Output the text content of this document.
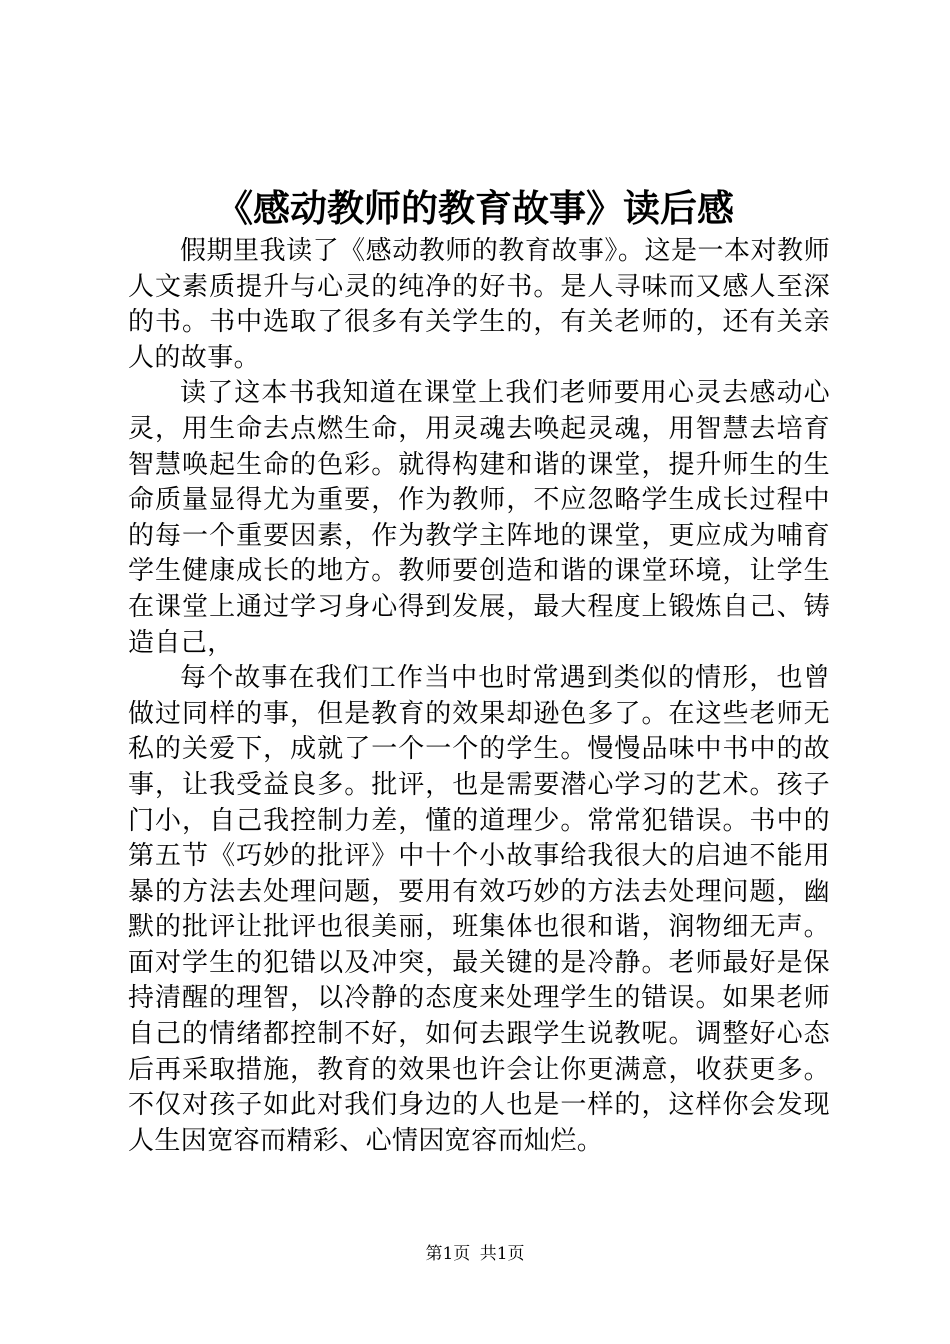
《感动教师的教育故事》读后感

假期里我读了《感动教师的教育故事》。这是一本对教师人文素质提升与心灵的纯净的好书。是人寻味而又感人至深的书。书中选取了很多有关学生的，有关老师的，还有关亲人的故事。

读了这本书我知道在课堂上我们老师要用心灵去感动心灵，用生命去点燃生命，用灵魂去唤起灵魂，用智慧去培育智慧唤起生命的色彩。就得构建和谐的课堂，提升师生的生命质量显得尤为重要，作为教师，不应忽略学生成长过程中的每一个重要因素，作为教学主阵地的课堂，更应成为哺育学生健康成长的地方。教师要创造和谐的课堂环境，让学生在课堂上通过学习身心得到发展，最大程度上锻炼自己、铸造自己，

每个故事在我们工作当中也时常遇到类似的情形，也曾做过同样的事，但是教育的效果却逊色多了。在这些老师无私的关爱下，成就了一个一个的学生。慢慢品味中书中的故事，让我受益良多。批评，也是需要潜心学习的艺术。孩子门小，自己我控制力差，懂的道理少。常常犯错误。书中的第五节《巧妙的批评》中十个小故事给我很大的启迪不能用暴的方法去处理问题，要用有效巧妙的方法去处理问题，幽默的批评让批评也很美丽，班集体也很和谐，润物细无声。面对学生的犯错以及冲突，最关键的是冷静。老师最好是保持清醒的理智，以冷静的态度来处理学生的错误。如果老师自己的情绪都控制不好，如何去跟学生说教呢。调整好心态后再采取措施，教育的效果也许会让你更满意，收获更多。不仅对孩子如此对我们身边的人也是一样的，这样你会发现人生因宽容而精彩、心情因宽容而灿烂。

第1页 共1页
